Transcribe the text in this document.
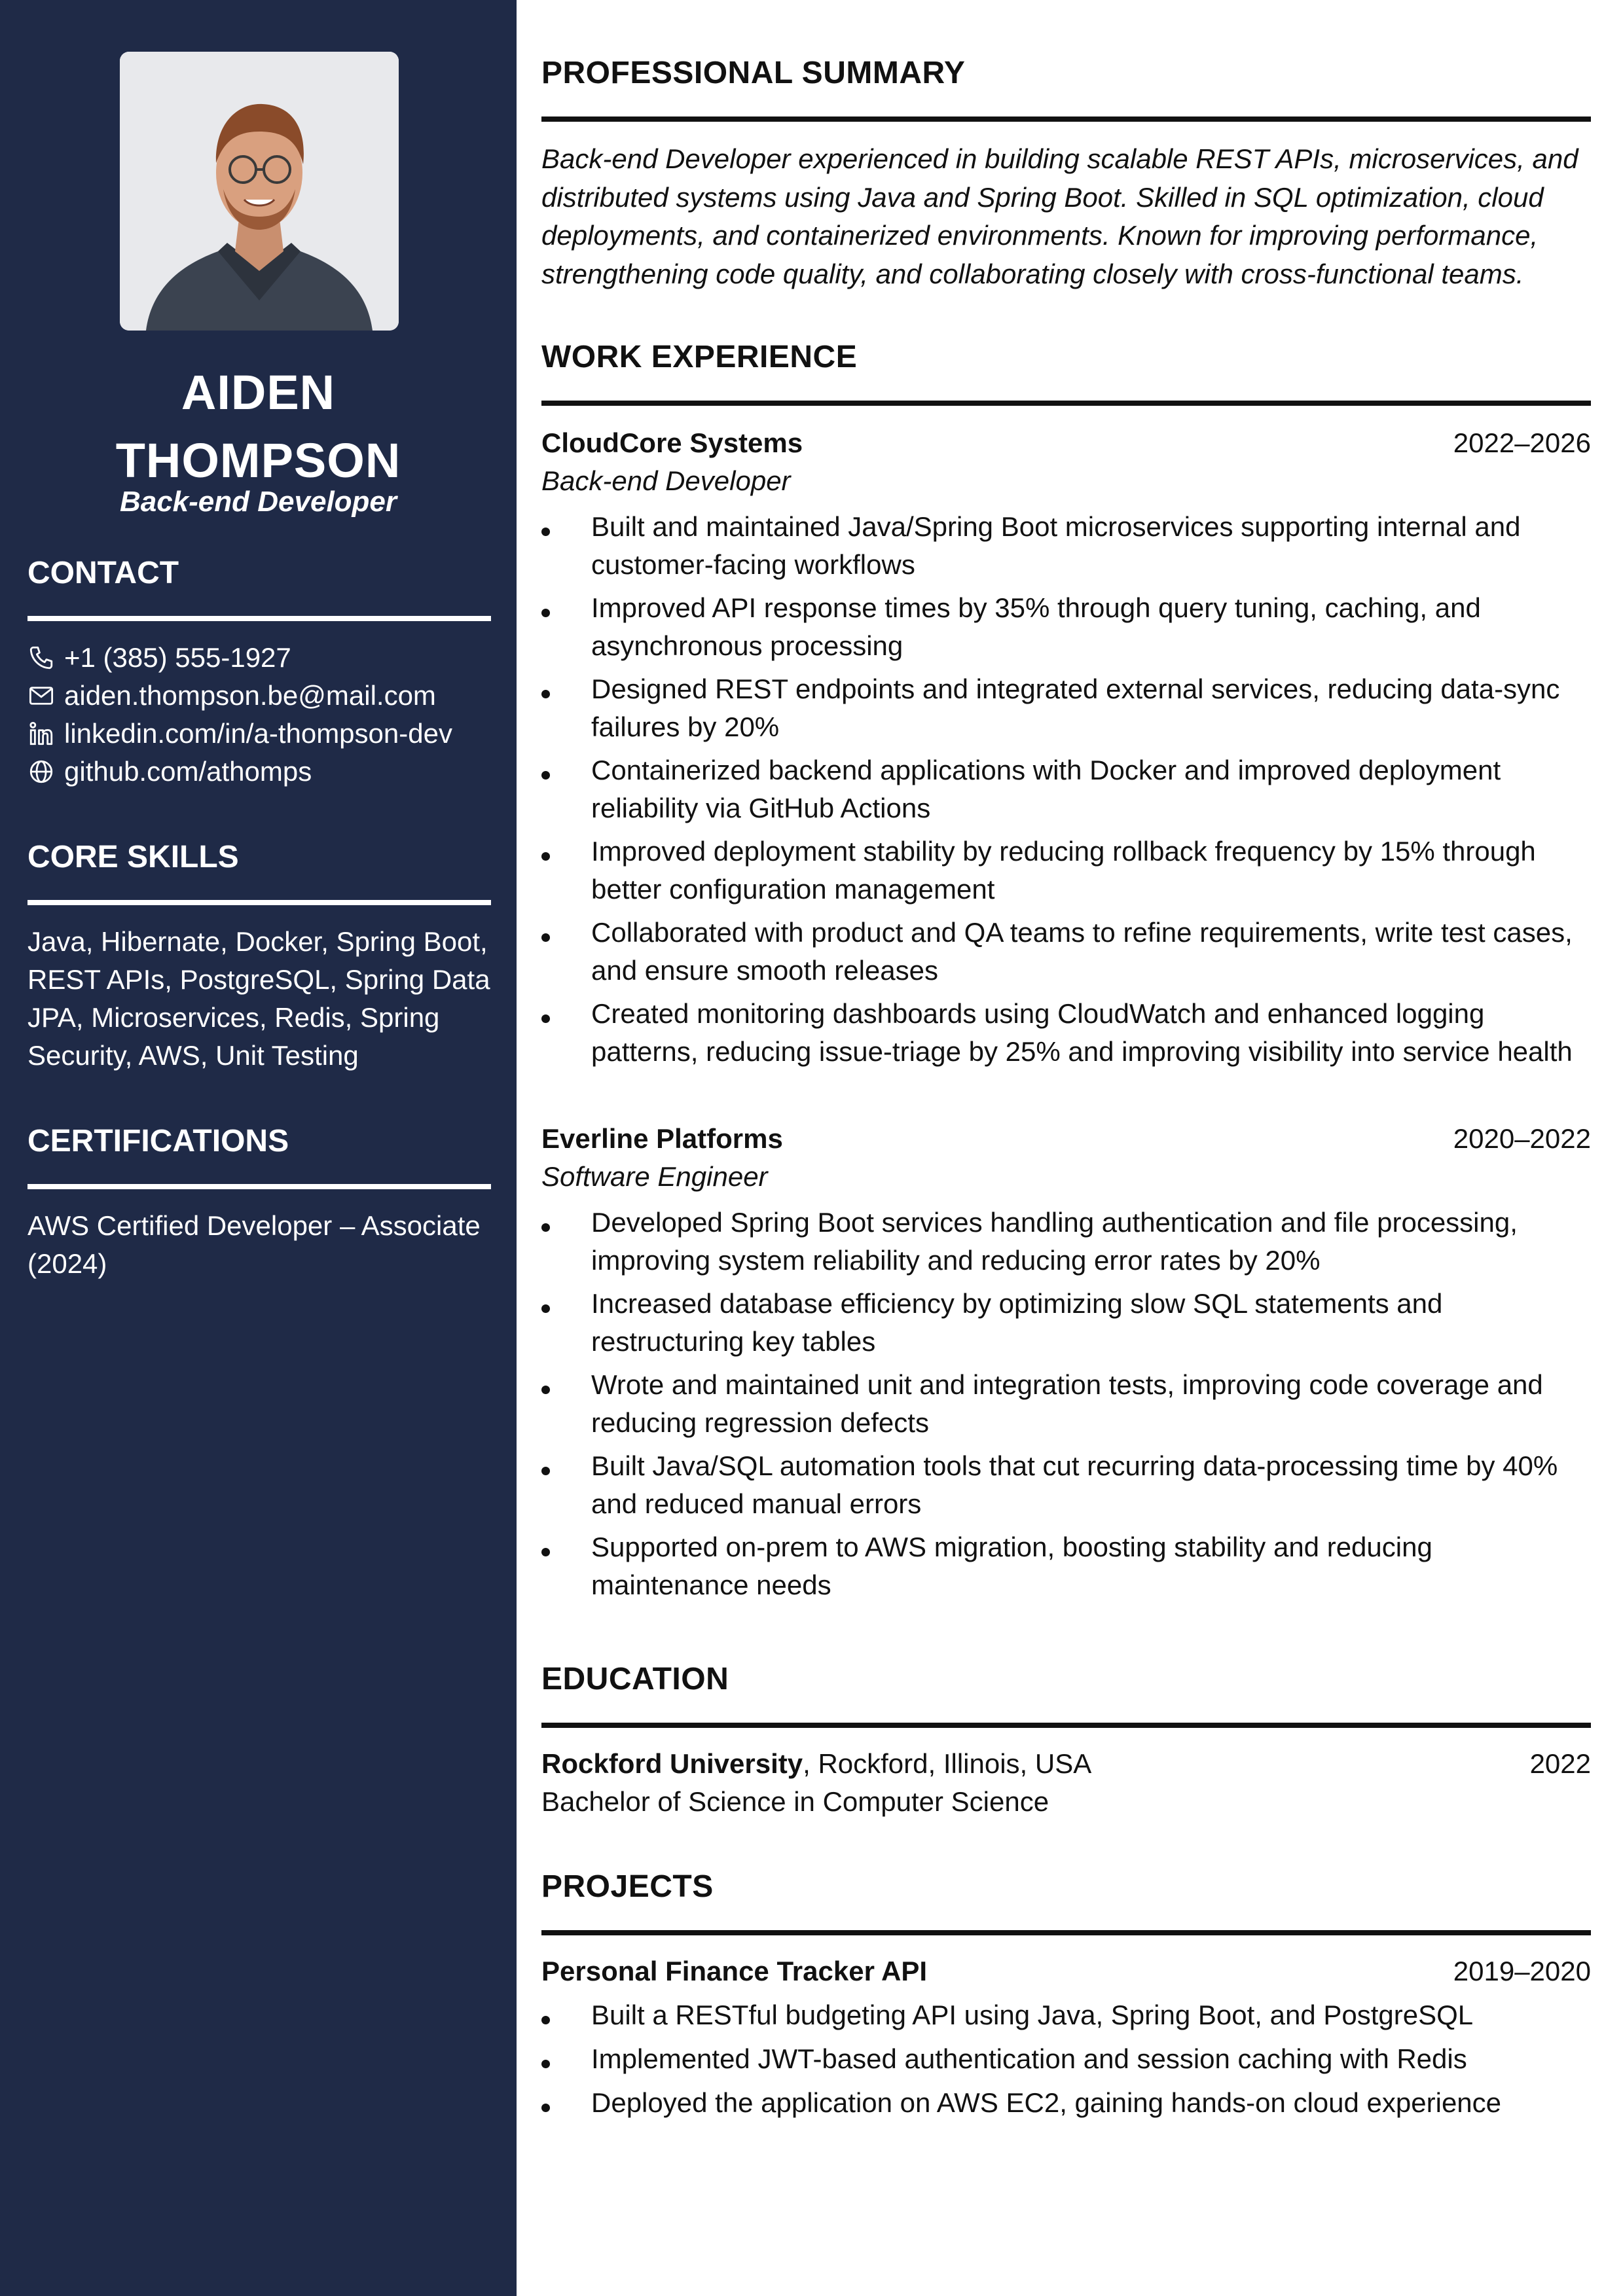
AIDEN
THOMPSON
Back-end Developer
CONTACT
+1 (385) 555-1927
aiden.thompson.be@mail.com
linkedin.com/in/a-thompson-dev
github.com/athomps
CORE SKILLS
Java, Hibernate, Docker, Spring Boot, REST APIs, PostgreSQL, Spring Data JPA, Microservices, Redis, Spring Security, AWS, Unit Testing
CERTIFICATIONS
AWS Certified Developer – Associate (2024)
PROFESSIONAL SUMMARY
Back-end Developer experienced in building scalable REST APIs, microservices, and distributed systems using Java and Spring Boot. Skilled in SQL optimization, cloud deployments, and containerized environments. Known for improving performance, strengthening code quality, and collaborating closely with cross-functional teams.
WORK EXPERIENCE
CloudCore Systems	2022–2026
Back-end Developer
Built and maintained Java/Spring Boot microservices supporting internal and customer-facing workflows
Improved API response times by 35% through query tuning, caching, and asynchronous processing
Designed REST endpoints and integrated external services, reducing data-sync failures by 20%
Containerized backend applications with Docker and improved deployment reliability via GitHub Actions
Improved deployment stability by reducing rollback frequency by 15% through better configuration management
Collaborated with product and QA teams to refine requirements, write test cases, and ensure smooth releases
Created monitoring dashboards using CloudWatch and enhanced logging patterns, reducing issue-triage by 25% and improving visibility into service health
Everline Platforms	2020–2022
Software Engineer
Developed Spring Boot services handling authentication and file processing, improving system reliability and reducing error rates by 20%
Increased database efficiency by optimizing slow SQL statements and restructuring key tables
Wrote and maintained unit and integration tests, improving code coverage and reducing regression defects
Built Java/SQL automation tools that cut recurring data-processing time by 40% and reduced manual errors
Supported on-prem to AWS migration, boosting stability and reducing maintenance needs
EDUCATION
Rockford University, Rockford, Illinois, USA	2022
Bachelor of Science in Computer Science
PROJECTS
Personal Finance Tracker API	2019–2020
Built a RESTful budgeting API using Java, Spring Boot, and PostgreSQL
Implemented JWT-based authentication and session caching with Redis
Deployed the application on AWS EC2, gaining hands-on cloud experience
